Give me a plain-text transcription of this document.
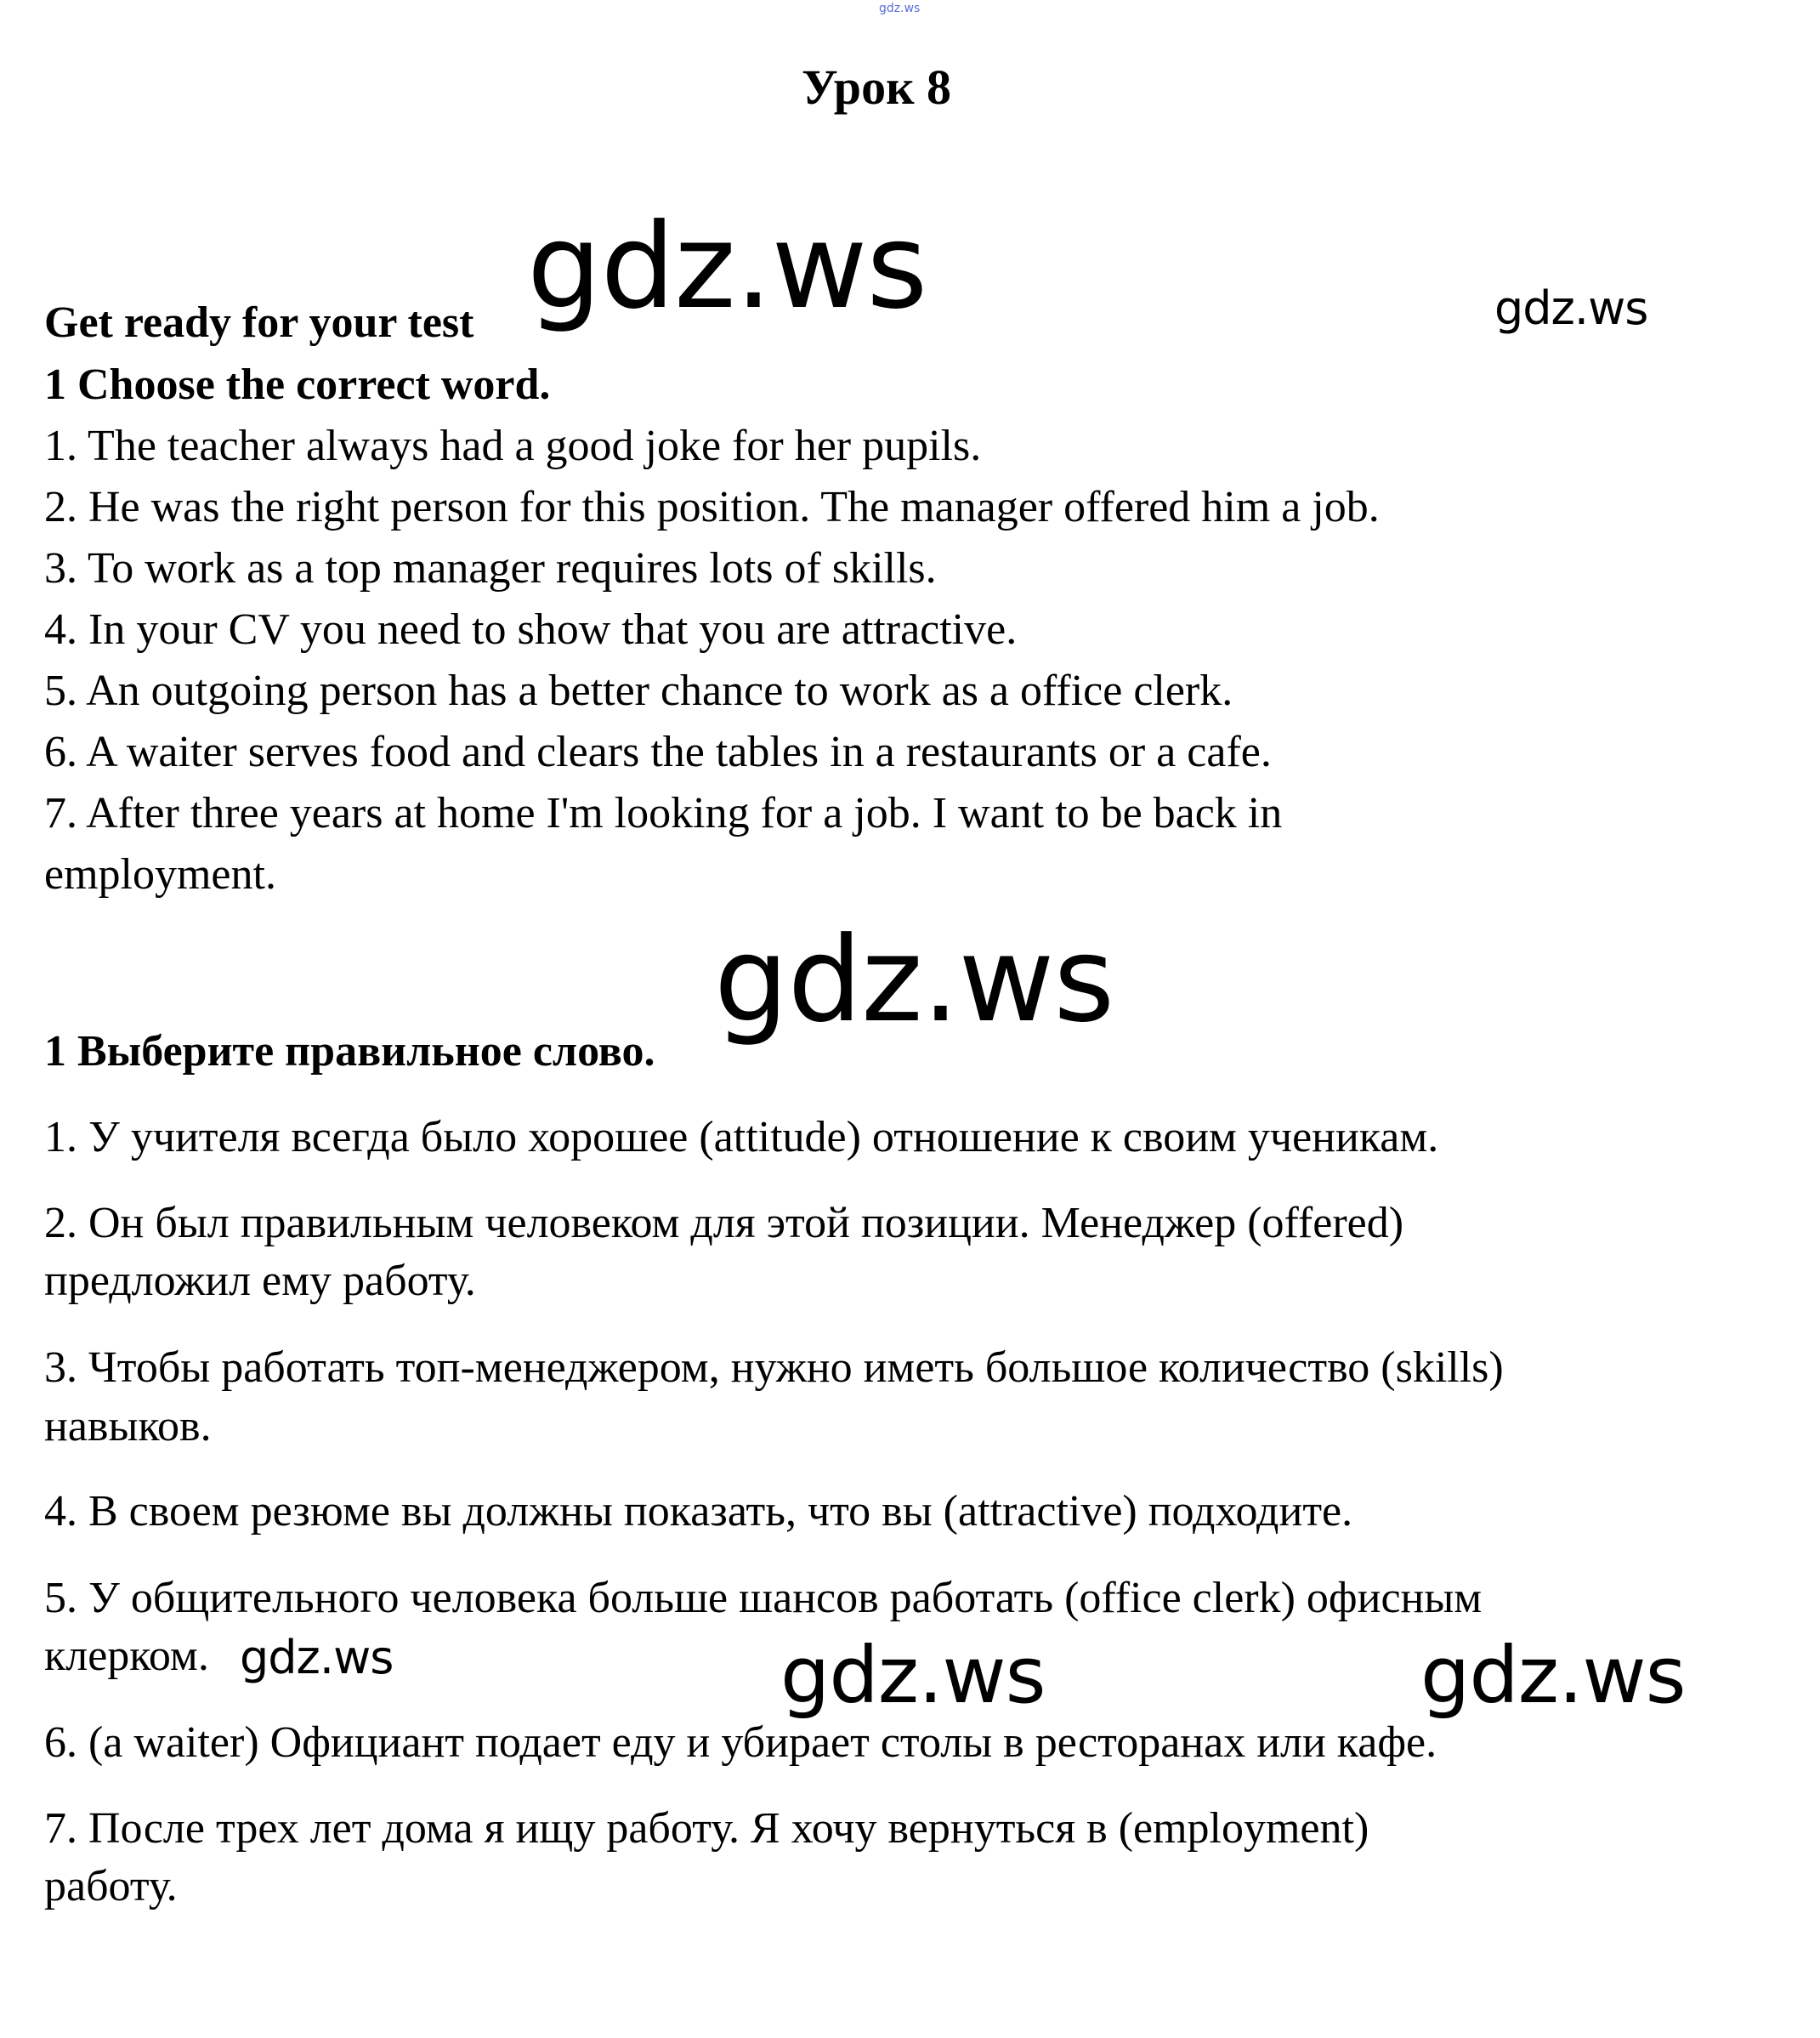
gdz.ws
Урок 8
Get ready for your test
1 Choose the correct word.
1. The teacher always had a good joke for her pupils.
2. He was the right person for this position. The manager offered him a job.
3. To work as a top manager requires lots of skills.
4. In your CV you need to show that you are attractive.
5. An outgoing person has a better chance to work as a office clerk.
6. A waiter serves food and clears the tables in a restaurants or a cafe.
7. After three years at home I'm looking for a job. I want to be back in
employment.
1 Выберите правильное слово.
1. У учителя всегда было хорошее (attitude) отношение к своим ученикам.
2. Он был правильным человеком для этой позиции. Менеджер (offered)
предложил ему работу.
3. Чтобы работать топ-менеджером, нужно иметь большое количество (skills)
навыков.
4. В своем резюме вы должны показать, что вы (attractive) подходите.
5. У общительного человека больше шансов работать (office clerk) офисным
клерком.
6. (a waiter) Официант подает еду и убирает столы в ресторанах или кафе.
7. После трех лет дома я ищу работу. Я хочу вернуться в (employment)
работу.
gdz.ws	gdz.ws
gdz.ws
gdz.ws	gdz.ws	gdz.ws
